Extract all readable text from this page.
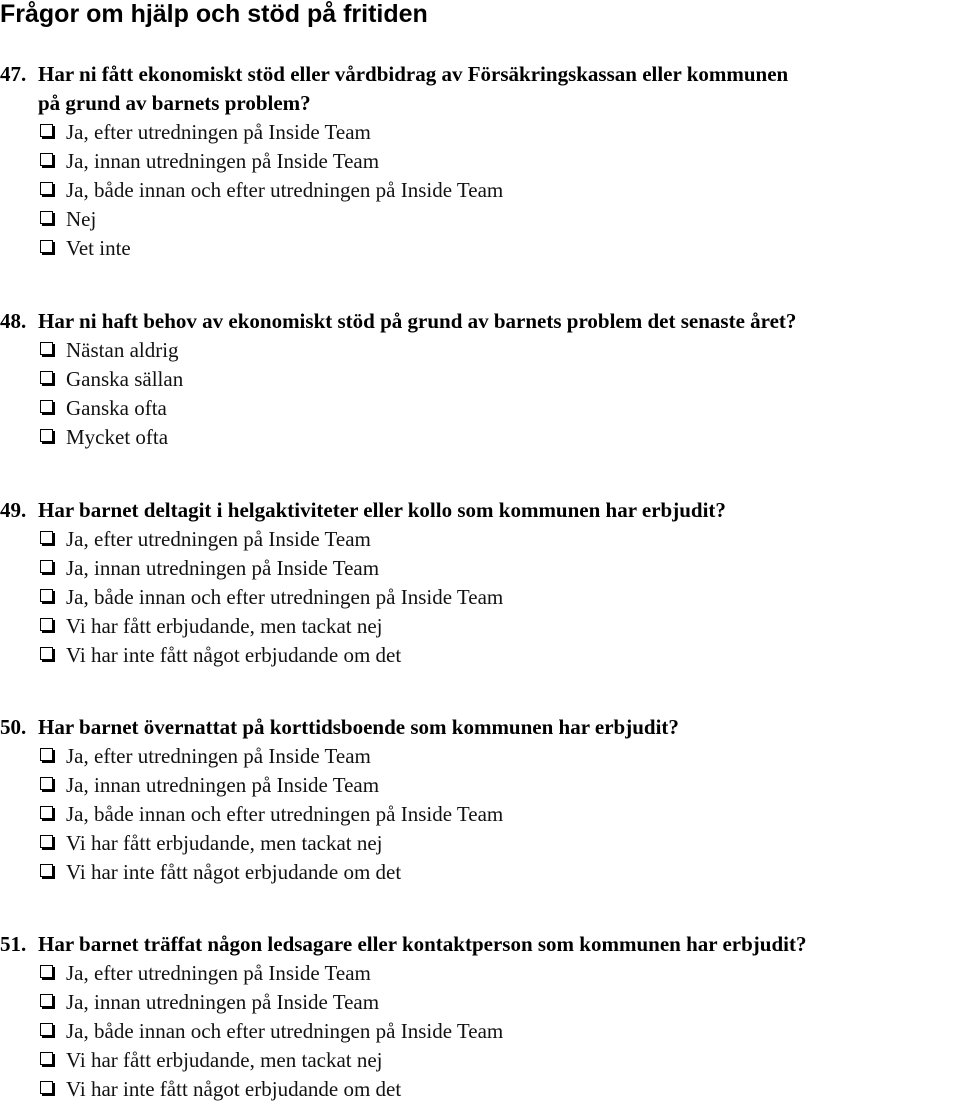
Frågor om hjälp och stöd på fritiden

47. Har ni fått ekonomiskt stöd eller vårdbidrag av Försäkringskassan eller kommunen
på grund av barnets problem?

Ja, efter utredningen på Inside Team
Ja, innan utredningen på Inside Team
Ja, både innan och efter utredningen på Inside Team
Nej
Vet inte

48. Har ni haft behov av ekonomiskt stöd på grund av barnets problem det senaste året?

Nästan aldrig
Ganska sällan
Ganska ofta
Mycket ofta

49. Har barnet deltagit i helgaktiviteter eller kollo som kommunen har erbjudit?

Ja, efter utredningen på Inside Team
Ja, innan utredningen på Inside Team
Ja, både innan och efter utredningen på Inside Team
Vi har fått erbjudande, men tackat nej
Vi har inte fått något erbjudande om det

50. Har barnet övernattat på korttidsboende som kommunen har erbjudit?

Ja, efter utredningen på Inside Team
Ja, innan utredningen på Inside Team
Ja, både innan och efter utredningen på Inside Team
Vi har fått erbjudande, men tackat nej
Vi har inte fått något erbjudande om det

51. Har barnet träffat någon ledsagare eller kontaktperson som kommunen har erbjudit?

Ja, efter utredningen på Inside Team
Ja, innan utredningen på Inside Team
Ja, både innan och efter utredningen på Inside Team
Vi har fått erbjudande, men tackat nej
Vi har inte fått något erbjudande om det
